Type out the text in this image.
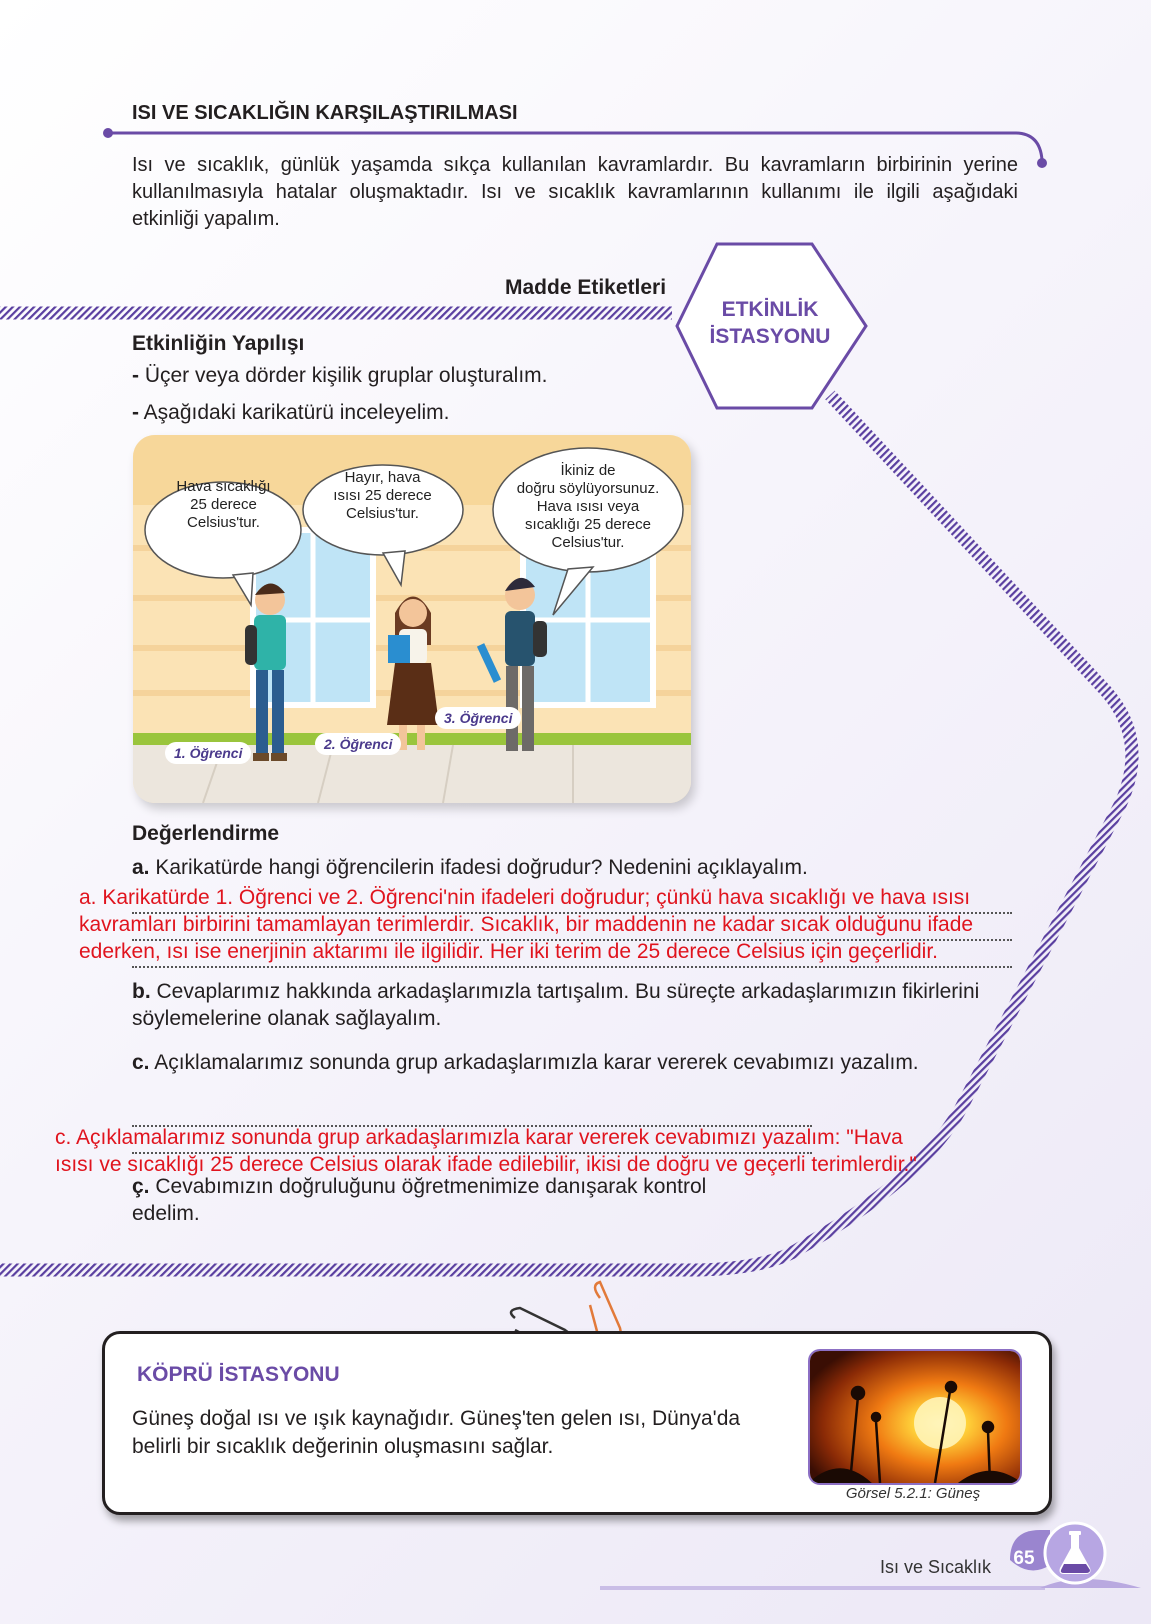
ISI VE SICAKLIĞIN KARŞILAŞTIRILMASI

Isı ve sıcaklık, günlük yaşamda sıkça kullanılan kavramlardır. Bu kavramların birbirinin yerine kullanılmasıyla hatalar oluşmaktadır. Isı ve sıcaklık kavramlarının kullanımı ile ilgili aşağıdaki etkinliği yapalım.

Madde Etiketleri

ETKİNLİK
İSTASYONU

Etkinliğin Yapılışı

- Üçer veya dörder kişilik gruplar oluşturalım.

- Aşağıdaki karikatürü inceleyelim.

Hava sıcaklığı
25 derece
Celsius'tur.
Hayır, hava
ısısı 25 derece
Celsius'tur.
İkiniz de
doğru söylüyorsunuz.
Hava ısısı veya
sıcaklığı 25 derece
Celsius'tur.
1. Öğrenci
2. Öğrenci
3. Öğrenci

Değerlendirme

a. Karikatürde hangi öğrencilerin ifadesi doğrudur? Nedenini açıklayalım.

a. Karikatürde 1. Öğrenci ve 2. Öğrenci'nin ifadeleri doğrudur; çünkü hava sıcaklığı ve hava ısısı

kavramları birbirini tamamlayan terimlerdir. Sıcaklık, bir maddenin ne kadar sıcak olduğunu ifade

ederken, ısı ise enerjinin aktarımı ile ilgilidir. Her iki terim de 25 derece Celsius için geçerlidir.

b. Cevaplarımız hakkında arkadaşlarımızla tartışalım. Bu süreçte arkadaşlarımızın fikirlerini söylemelerine olanak sağlayalım.

c. Açıklamalarımız sonunda grup arkadaşlarımızla karar vererek cevabımızı yazalım.

c. Açıklamalarımız sonunda grup arkadaşlarımızla karar vererek cevabımızı yazalım: "Hava

ısısı ve sıcaklığı 25 derece Celsius olarak ifade edilebilir, ikisi de doğru ve geçerli terimlerdir."

ç. Cevabımızın doğruluğunu öğretmenimize danışarak kontrol edelim.

KÖPRÜ İSTASYONU

Güneş doğal ısı ve ışık kaynağıdır. Güneş'ten gelen ısı, Dünya'da belirli bir sıcaklık değerinin oluşmasını sağlar.

Görsel 5.2.1: Güneş
Isı ve Sıcaklık	65
